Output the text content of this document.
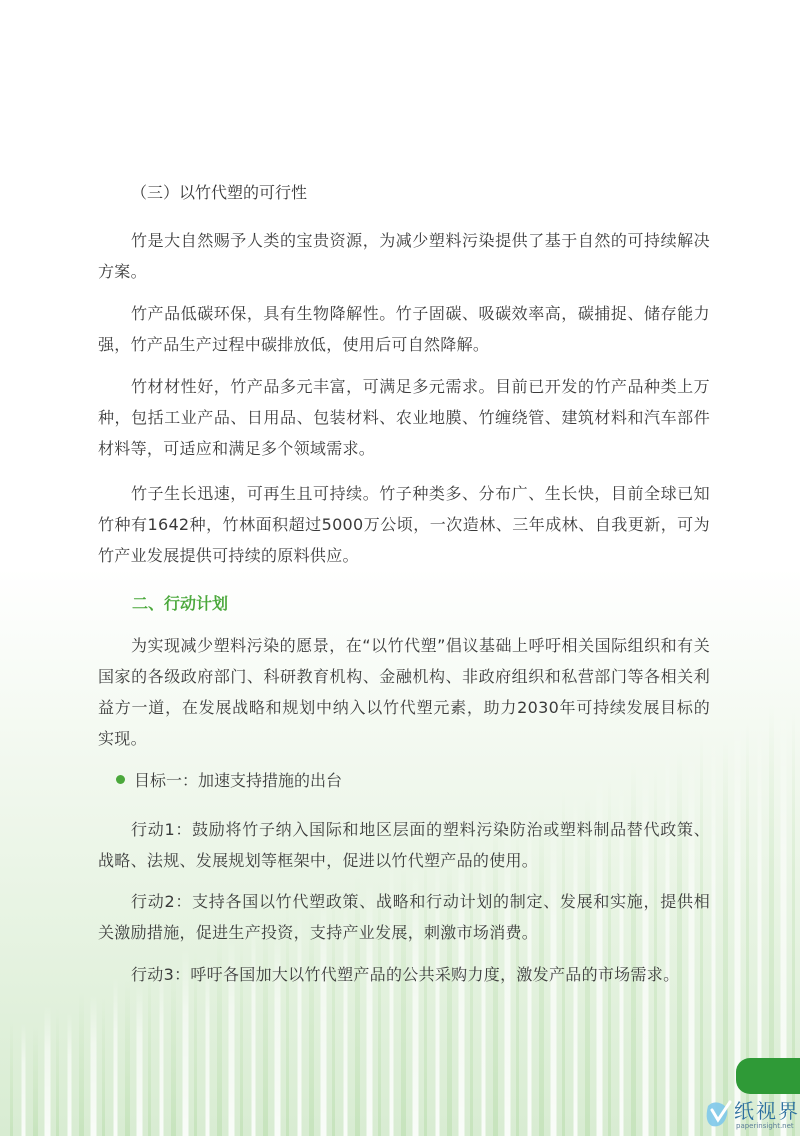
（三）以竹代塑的可行性

竹是大自然赐予人类的宝贵资源，为减少塑料污染提供了基于自然的可持续解决方案。

竹产品低碳环保，具有生物降解性。竹子固碳、吸碳效率高，碳捕捉、储存能力强，竹产品生产过程中碳排放低，使用后可自然降解。

竹材材性好，竹产品多元丰富，可满足多元需求。目前已开发的竹产品种类上万种，包括工业产品、日用品、包装材料、农业地膜、竹缠绕管、建筑材料和汽车部件材料等，可适应和满足多个领域需求。

竹子生长迅速，可再生且可持续。竹子种类多、分布广、生长快，目前全球已知竹种有1642种，竹林面积超过5000万公顷，一次造林、三年成林、自我更新，可为竹产业发展提供可持续的原料供应。

二、行动计划

为实现减少塑料污染的愿景，在“以竹代塑”倡议基础上呼吁相关国际组织和有关国家的各级政府部门、科研教育机构、金融机构、非政府组织和私营部门等各相关利益方一道，在发展战略和规划中纳入以竹代塑元素，助力2030年可持续发展目标的实现。

目标一：加速支持措施的出台

行动1：鼓励将竹子纳入国际和地区层面的塑料污染防治或塑料制品替代政策、战略、法规、发展规划等框架中，促进以竹代塑产品的使用。

行动2：支持各国以竹代塑政策、战略和行动计划的制定、发展和实施，提供相关激励措施，促进生产投资，支持产业发展，刺激市场消费。

行动3：呼吁各国加大以竹代塑产品的公共采购力度，激发产品的市场需求。

纸视界
paperinsight.net
